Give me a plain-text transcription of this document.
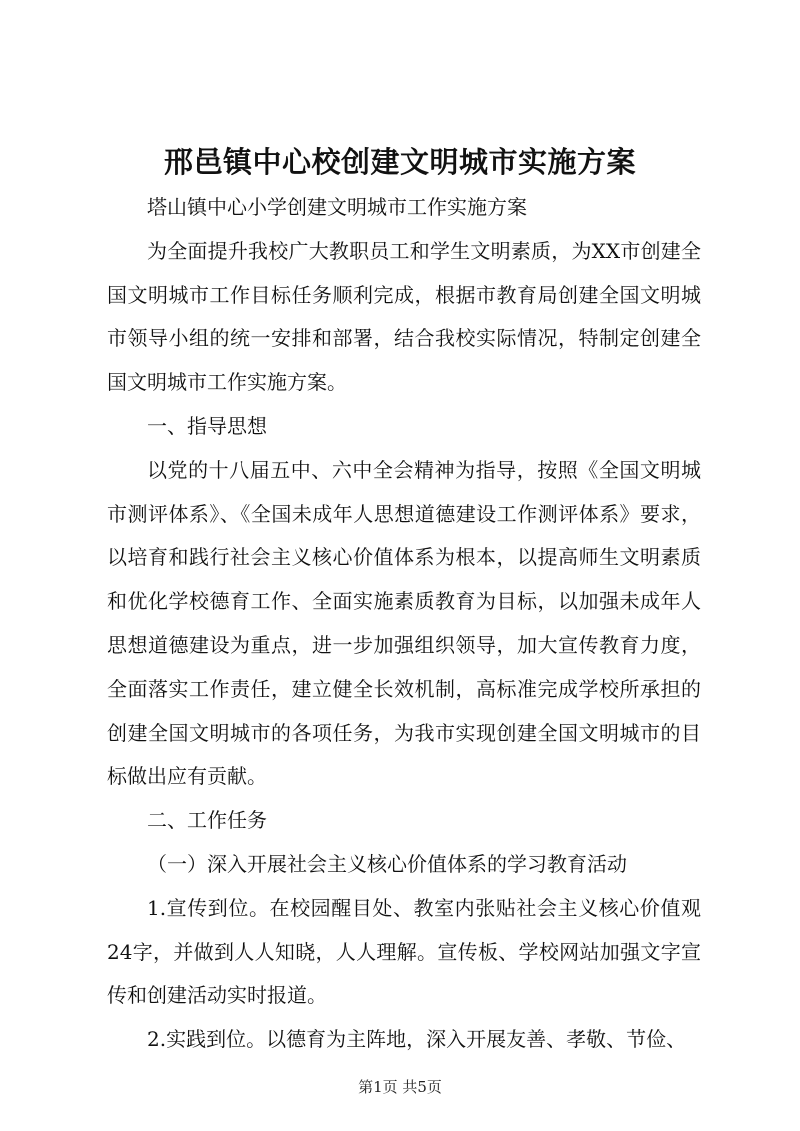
邢邑镇中心校创建文明城市实施方案

塔山镇中心小学创建文明城市工作实施方案

为全面提升我校广大教职员工和学生文明素质，为XX市创建全国文明城市工作目标任务顺利完成，根据市教育局创建全国文明城市领导小组的统一安排和部署，结合我校实际情况，特制定创建全国文明城市工作实施方案。

一、指导思想

以党的十八届五中、六中全会精神为指导，按照《全国文明城市测评体系》、《全国未成年人思想道德建设工作测评体系》要求，以培育和践行社会主义核心价值体系为根本，以提高师生文明素质和优化学校德育工作、全面实施素质教育为目标，以加强未成年人思想道德建设为重点，进一步加强组织领导，加大宣传教育力度，全面落实工作责任，建立健全长效机制，高标准完成学校所承担的创建全国文明城市的各项任务，为我市实现创建全国文明城市的目标做出应有贡献。

二、工作任务

（一）深入开展社会主义核心价值体系的学习教育活动

1.宣传到位。在校园醒目处、教室内张贴社会主义核心价值观24字，并做到人人知晓，人人理解。宣传板、学校网站加强文字宣传和创建活动实时报道。

2.实践到位。以德育为主阵地，深入开展友善、孝敬、节俭、

第1页 共5页
